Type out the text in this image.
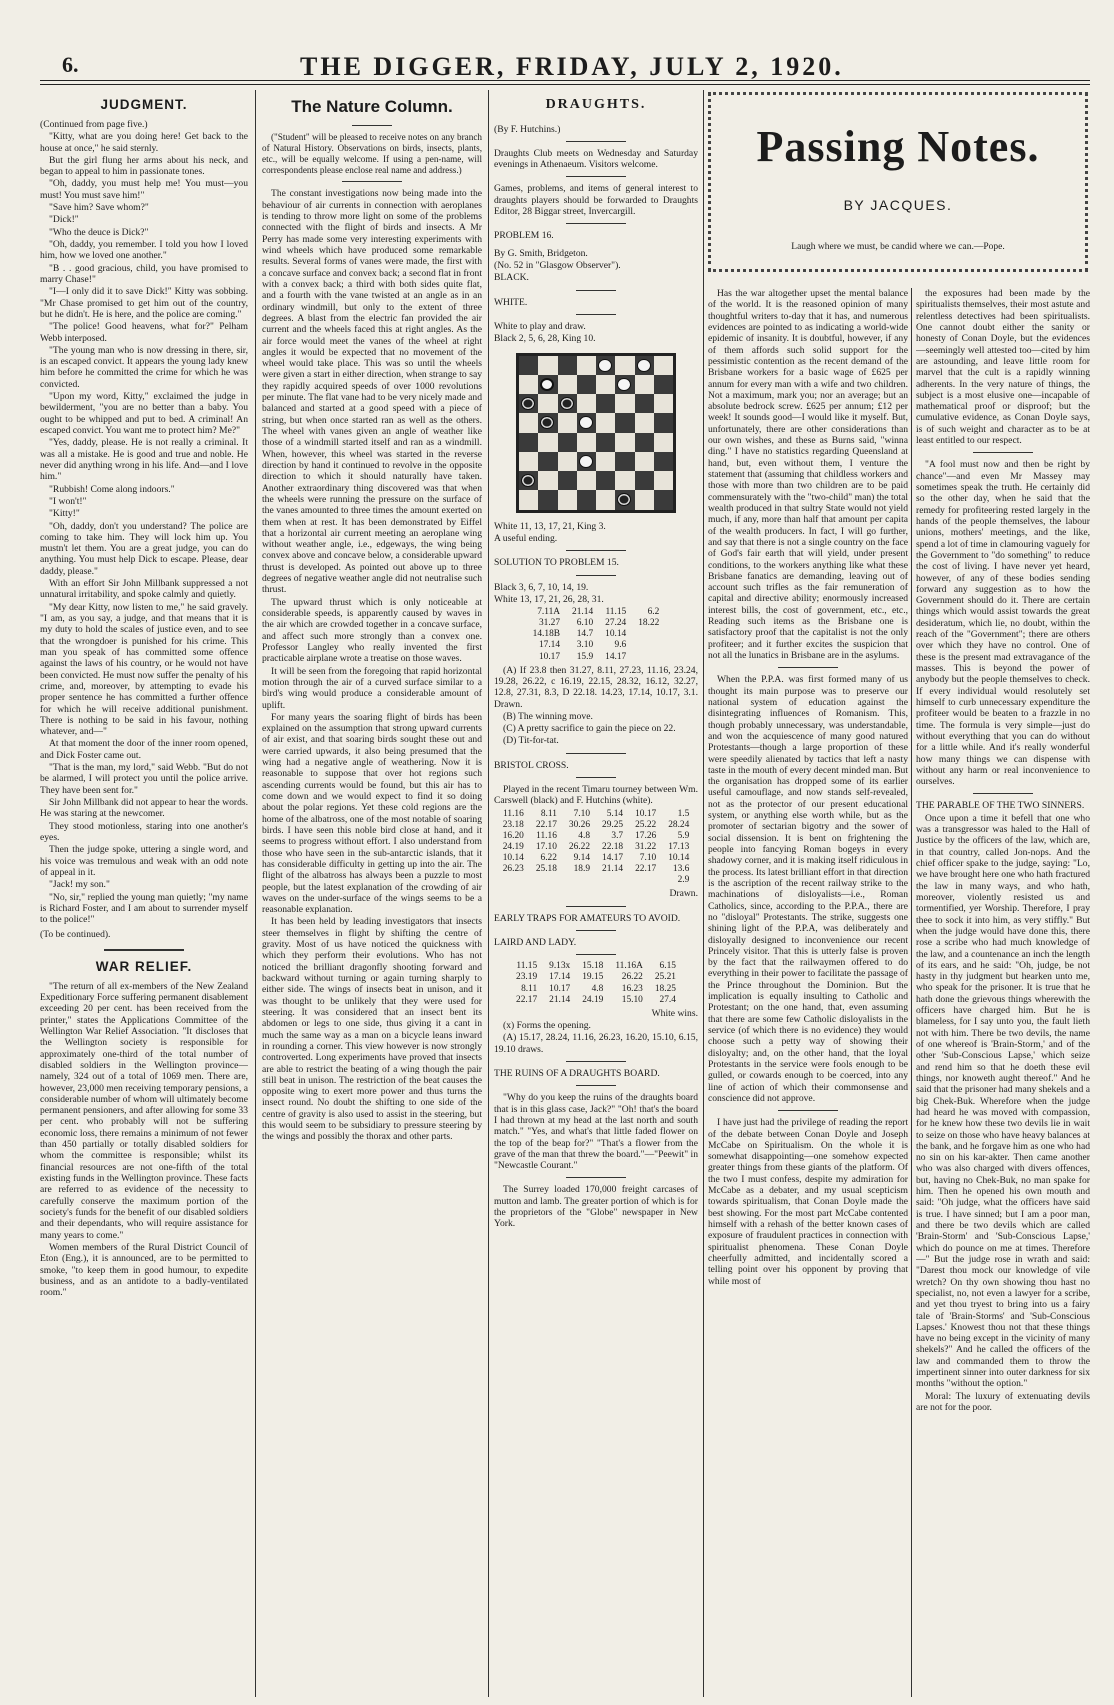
6.	THE DIGGER, FRIDAY, JULY 2, 1920.
JUDGMENT.

(Continued from page five.)

"Kitty, what are you doing here! Get back to the house at once," he said sternly.

But the girl flung her arms about his neck, and began to appeal to him in passionate tones.

"Oh, daddy, you must help me! You must—you must! You must save him!"

"Save him? Save whom?"

"Dick!"

"Who the deuce is Dick?"

"Oh, daddy, you remember. I told you how I loved him, how we loved one another."

"B . . good gracious, child, you have promised to marry Chase!"

"I—I only did it to save Dick!" Kitty was sobbing. "Mr Chase promised to get him out of the country, but he didn't. He is here, and the police are coming."

"The police! Good heavens, what for?" Pelham Webb interposed.

"The young man who is now dressing in there, sir, is an escaped convict. It appears the young lady knew him before he committed the crime for which he was convicted.

"Upon my word, Kitty," exclaimed the judge in bewilderment, "you are no better than a baby. You ought to be whipped and put to bed. A criminal! An escaped convict. You want me to protect him? Me?"

"Yes, daddy, please. He is not really a criminal. It was all a mistake. He is good and true and noble. He never did anything wrong in his life. And—and I love him."

"Rubbish! Come along indoors."

"I won't!"

"Kitty!"

"Oh, daddy, don't you understand? The police are coming to take him. They will lock him up. You mustn't let them. You are a great judge, you can do anything. You must help Dick to escape. Please, dear daddy, please."

With an effort Sir John Millbank suppressed a not unnatural irritability, and spoke calmly and quietly.

"My dear Kitty, now listen to me," he said gravely. "I am, as you say, a judge, and that means that it is my duty to hold the scales of justice even, and to see that the wrongdoer is punished for his crime. This man you speak of has committed some offence against the laws of his country, or he would not have been convicted. He must now suffer the penalty of his crime, and, moreover, by attempting to evade his proper sentence he has committed a further offence for which he will receive additional punishment. There is nothing to be said in his favour, nothing whatever, and—"

At that moment the door of the inner room opened, and Dick Foster came out.

"That is the man, my lord," said Webb. "But do not be alarmed, I will protect you until the police arrive. They have been sent for."

Sir John Millbank did not appear to hear the words. He was staring at the newcomer.

They stood motionless, staring into one another's eyes.

Then the judge spoke, uttering a single word, and his voice was tremulous and weak with an odd note of appeal in it.

"Jack! my son."

"No, sir," replied the young man quietly; "my name is Richard Foster, and I am about to surrender myself to the police!"

(To be continued).

WAR RELIEF.

"The return of all ex-members of the New Zealand Expeditionary Force suffering permanent disablement exceeding 20 per cent. has been received from the printer," states the Applications Committee of the Wellington War Relief Association. "It discloses that the Wellington society is responsible for approximately one-third of the total number of disabled soldiers in the Wellington province—namely, 324 out of a total of 1069 men. There are, however, 23,000 men receiving temporary pensions, a considerable number of whom will ultimately become permanent pensioners, and after allowing for some 33 per cent. who probably will not be suffering economic loss, there remains a minimum of not fewer than 450 partially or totally disabled soldiers for whom the committee is responsible; whilst its financial resources are not one-fifth of the total existing funds in the Wellington province. These facts are referred to as evidence of the necessity to carefully conserve the maximum portion of the society's funds for the benefit of our disabled soldiers and their dependants, who will require assistance for many years to come."

Women members of the Rural District Council of Eton (Eng.), it is announced, are to be permitted to smoke, "to keep them in good humour, to expedite business, and as an antidote to a badly-ventilated room."

The Nature Column.

("Student" will be pleased to receive notes on any branch of Natural History. Observations on birds, insects, plants, etc., will be equally welcome. If using a pen-name, will correspondents please enclose real name and address.)

The constant investigations now being made into the behaviour of air currents in connection with aeroplanes is tending to throw more light on some of the problems connected with the flight of birds and insects. A Mr Perry has made some very interesting experiments with wind wheels which have produced some remarkable results. Several forms of vanes were made, the first with a concave surface and convex back; a second flat in front with a convex back; a third with both sides quite flat, and a fourth with the vane twisted at an angle as in an ordinary windmill, but only to the extent of three degrees. A blast from the electric fan provided the air current and the wheels faced this at right angles. As the air force would meet the vanes of the wheel at right angles it would be expected that no movement of the wheel would take place. This was so until the wheels were given a start in either direction, when strange to say they rapidly acquired speeds of over 1000 revolutions per minute. The flat vane had to be very nicely made and balanced and started at a good speed with a piece of string, but when once started ran as well as the others. The wheel with vanes given an angle of weather like those of a windmill started itself and ran as a windmill. When, however, this wheel was started in the reverse direction by hand it continued to revolve in the opposite direction to which it should naturally have taken. Another extraordinary thing discovered was that when the wheels were running the pressure on the surface of the vanes amounted to three times the amount exerted on them when at rest. It has been demonstrated by Eiffel that a horizontal air current meeting an aeroplane wing without weather angle, i.e., edgeways, the wing being convex above and concave below, a considerable upward thrust is developed. As pointed out above up to three degrees of negative weather angle did not neutralise such thrust.

The upward thrust which is only noticeable at considerable speeds, is apparently caused by waves in the air which are crowded together in a concave surface, and affect such more strongly than a convex one. Professor Langley who really invented the first practicable airplane wrote a treatise on those waves.

It will be seen from the foregoing that rapid horizontal motion through the air of a curved surface similar to a bird's wing would produce a considerable amount of uplift.

For many years the soaring flight of birds has been explained on the assumption that strong upward currents of air exist, and that soaring birds sought these out and were carried upwards, it also being presumed that the wing had a negative angle of weathering. Now it is reasonable to suppose that over hot regions such ascending currents would be found, but this air has to come down and we would expect to find it so doing about the polar regions. Yet these cold regions are the home of the albatross, one of the most notable of soaring birds. I have seen this noble bird close at hand, and it seems to progress without effort. I also understand from those who have seen in the sub-antarctic islands, that it has considerable difficulty in getting up into the air. The flight of the albatross has always been a puzzle to most people, but the latest explanation of the crowding of air waves on the under-surface of the wings seems to be a reasonable explanation.

It has been held by leading investigators that insects steer themselves in flight by shifting the centre of gravity. Most of us have noticed the quickness with which they perform their evolutions. Who has not noticed the brilliant dragonfly shooting forward and backward without turning or again turning sharply to either side. The wings of insects beat in unison, and it was thought to be unlikely that they were used for steering. It was considered that an insect bent its abdomen or legs to one side, thus giving it a cant in much the same way as a man on a bicycle leans inward in rounding a corner. This view however is now strongly controverted. Long experiments have proved that insects are able to restrict the beating of a wing though the pair still beat in unison. The restriction of the beat causes the opposite wing to exert more power and thus turns the insect round. No doubt the shifting to one side of the centre of gravity is also used to assist in the steering, but this would seem to be subsidiary to pressure steering by the wings and possibly the thorax and other parts.

DRAUGHTS.

(By F. Hutchins.)

Draughts Club meets on Wednesday and Saturday evenings in Athenaeum. Visitors welcome.

Games, problems, and items of general interest to draughts players should be forwarded to Draughts Editor, 28 Biggar street, Invercargill.

PROBLEM 16.

By G. Smith, Bridgeton.

(No. 52 in "Glasgow Observer").

BLACK.

WHITE.

White to play and draw.

Black 2, 5, 6, 28, King 10.

White 11, 13, 17, 21, King 3.

A useful ending.

SOLUTION TO PROBLEM 15.

Black 3, 6, 7, 10, 14, 19.

White 13, 17, 21, 26, 28, 31.

7.11A	21.14	11.15	6.2
31.27	6.10	27.24	18.22
14.18B	14.7	10.14	
17.14	3.10	9.6	
10.17	15.9	14.17	

(A) If 23.8 then 31.27, 8.11, 27.23, 11.16, 23.24, 19.28, 26.22, c 16.19, 22.15, 28.32, 16.12, 32.27, 12.8, 27.31, 8.3, D 22.18. 14.23, 17.14, 10.17, 3.1. Drawn.

(B) The winning move.

(C) A pretty sacrifice to gain the piece on 22.

(D) Tit-for-tat.

BRISTOL CROSS.

Played in the recent Timaru tourney between Wm. Carswell (black) and F. Hutchins (white).

11.16	8.11	7.10	5.14	10.17	1.5
23.18	22.17	30.26	29.25	25.22	28.24
16.20	11.16	4.8	3.7	17.26	5.9
24.19	17.10	26.22	22.18	31.22	17.13
10.14	6.22	9.14	14.17	7.10	10.14
26.23	25.18	18.9	21.14	22.17	13.6
					2.9

Drawn.

EARLY TRAPS FOR AMATEURS TO AVOID.

LAIRD AND LADY.

11.15	9.13x	15.18	11.16A	6.15
23.19	17.14	19.15	26.22	25.21
8.11	10.17	4.8	16.23	18.25
22.17	21.14	24.19	15.10	27.4

White wins.

(x) Forms the opening.

(A) 15.17, 28.24, 11.16, 26.23, 16.20, 15.10, 6.15, 19.10 draws.

THE RUINS OF A DRAUGHTS BOARD.

"Why do you keep the ruins of the draughts board that is in this glass case, Jack?" "Oh! that's the board I had thrown at my head at the last north and south match." "Yes, and what's that little faded flower on the top of the beap for?" "That's a flower from the grave of the man that threw the board."—"Peewit" in "Newcastle Courant."

The Surrey loaded 170,000 freight carcases of mutton and lamb. The greater portion of which is for the proprietors of the "Globe" newspaper in New York.

Passing Notes.
BY JACQUES.
Laugh where we must, be candid where we can.—Pope.

Has the war altogether upset the mental balance of the world. It is the reasoned opinion of many thoughtful writers to-day that it has, and numerous evidences are pointed to as indicating a world-wide epidemic of insanity. It is doubtful, however, if any of them affords such solid support for the pessimistic contention as the recent demand of the Brisbane workers for a basic wage of £625 per annum for every man with a wife and two children. Not a maximum, mark you; nor an average; but an absolute bedrock screw. £625 per annum; £12 per week! It sounds good—I would like it myself. But, unfortunately, there are other considerations than our own wishes, and these as Burns said, "winna ding." I have no statistics regarding Queensland at hand, but, even without them, I venture the statement that (assuming that childless workers and those with more than two children are to be paid commensurately with the "two-child" man) the total wealth produced in that sultry State would not yield much, if any, more than half that amount per capita of the wealth producers. In fact, I will go further, and say that there is not a single country on the face of God's fair earth that will yield, under present conditions, to the workers anything like what these Brisbane fanatics are demanding, leaving out of account such trifles as the fair remuneration of capital and directive ability; enormously increased interest bills, the cost of government, etc., etc., Reading such items as the Brisbane one is satisfactory proof that the capitalist is not the only profiteer; and it further excites the suspicion that not all the lunatics in Brisbane are in the asylums.

When the P.P.A. was first formed many of us thought its main purpose was to preserve our national system of education against the disintegrating influences of Romanism. This, though probably unnecessary, was understandable, and won the acquiescence of many good natured Protestants—though a large proportion of these were speedily alienated by tactics that left a nasty taste in the mouth of every decent minded man. But the organisation has dropped some of its earlier useful camouflage, and now stands self-revealed, not as the protector of our present educational system, or anything else worth while, but as the promoter of sectarian bigotry and the sower of social dissension. It is bent on frightening the people into fancying Roman bogeys in every shadowy corner, and it is making itself ridiculous in the process. Its latest brilliant effort in that direction is the ascription of the recent railway strike to the machinations of disloyalists—i.e., Roman Catholics, since, according to the P.P.A., there are no "disloyal" Protestants. The strike, suggests one shining light of the P.P.A, was deliberately and disloyally designed to inconvenience our recent Princely visitor. That this is utterly false is proven by the fact that the railwaymen offered to do everything in their power to facilitate the passage of the Prince throughout the Dominion. But the implication is equally insulting to Catholic and Protestant; on the one hand, that, even assuming that there are some few Catholic disloyalists in the service (of which there is no evidence) they would choose such a petty way of showing their disloyalty; and, on the other hand, that the loyal Protestants in the service were fools enough to be gulled, or cowards enough to be coerced, into any line of action of which their commonsense and conscience did not approve.

I have just had the privilege of reading the report of the debate between Conan Doyle and Joseph McCabe on Spiritualism. On the whole it is somewhat disappointing—one somehow expected greater things from these giants of the platform. Of the two I must confess, despite my admiration for McCabe as a debater, and my usual scepticism towards spiritualism, that Conan Doyle made the best showing. For the most part McCabe contented himself with a rehash of the better known cases of exposure of fraudulent practices in connection with spiritualist phenomena. These Conan Doyle cheerfully admitted, and incidentally scored a telling point over his opponent by proving that while most of

the exposures had been made by the spiritualists themselves, their most astute and relentless detectives had been spiritualists. One cannot doubt either the sanity or honesty of Conan Doyle, but the evidences—seemingly well attested too—cited by him are astounding, and leave little room for marvel that the cult is a rapidly winning adherents. In the very nature of things, the subject is a most elusive one—incapable of mathematical proof or disproof; but the cumulative evidence, as Conan Doyle says, is of such weight and character as to be at least entitled to our respect.

"A fool must now and then be right by chance"—and even Mr Massey may sometimes speak the truth. He certainly did so the other day, when he said that the remedy for profiteering rested largely in the hands of the people themselves, the labour unions, mothers' meetings, and the like, spend a lot of time in clamouring vaguely for the Government to "do something" to reduce the cost of living. I have never yet heard, however, of any of these bodies sending forward any suggestion as to how the Government should do it. There are certain things which would assist towards the great desideratum, which lie, no doubt, within the reach of the "Government"; there are others over which they have no control. One of these is the present mad extravagance of the masses. This is beyond the power of anybody but the people themselves to check. If every individual would resolutely set himself to curb unnecessary expenditure the profiteer would be beaten to a frazzle in no time. The formula is very simple—just do without everything that you can do without for a little while. And it's really wonderful how many things we can dispense with without any harm or real inconvenience to ourselves.

THE PARABLE OF THE TWO SINNERS.

Once upon a time it befell that one who was a transgressor was haled to the Hall of Justice by the officers of the law, which are, in that country, called Jon-nops. And the chief officer spake to the judge, saying: "Lo, we have brought here one who hath fractured the law in many ways, and who hath, moreover, violently resisted us and tormentified, yer Worship. Therefore, I pray thee to sock it into him, as very stiffly." But when the judge would have done this, there rose a scribe who had much knowledge of the law, and a countenance an inch the length of its ears, and he said: "Oh, judge, be not hasty in thy judgment but hearken unto me, who speak for the prisoner. It is true that he hath done the grievous things wherewith the officers have charged him. But he is blameless, for I say unto you, the fault lieth not with him. There be two devils, the name of one whereof is 'Brain-Storm,' and of the other 'Sub-Conscious Lapse,' which seize and rend him so that he doeth these evil things, nor knoweth aught thereof." And he said that the prisoner had many shekels and a big Chek-Buk. Wherefore when the judge had heard he was moved with compassion, for he knew how these two devils lie in wait to seize on those who have heavy balances at the bank, and he forgave him as one who had no sin on his kar-akter. Then came another who was also charged with divers offences, but, having no Chek-Buk, no man spake for him. Then he opened his own mouth and said: "Oh judge, what the officers have said is true. I have sinned; but I am a poor man, and there be two devils which are called 'Brain-Storm' and 'Sub-Conscious Lapse,' which do pounce on me at times. Therefore—" But the judge rose in wrath and said: "Darest thou mock our knowledge of vile wretch? On thy own showing thou hast no specialist, no, not even a lawyer for a scribe, and yet thou tryest to bring into us a fairy tale of 'Brain-Storms' and 'Sub-Conscious Lapses.' Knowest thou not that these things have no being except in the vicinity of many shekels?" And he called the officers of the law and commanded them to throw the impertinent sinner into outer darkness for six months "without the option."

Moral: The luxury of extenuating devils are not for the poor.
